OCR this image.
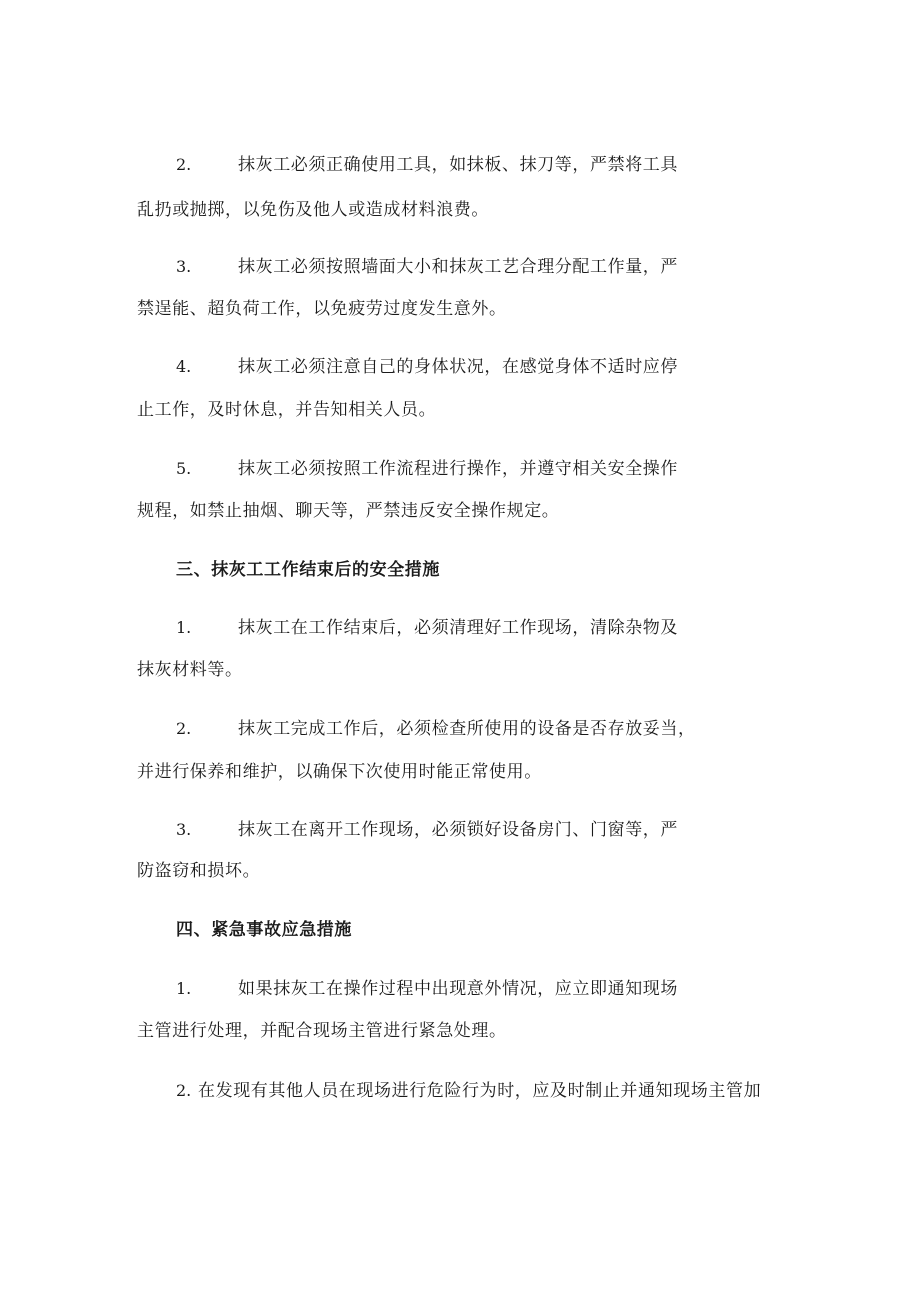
2.	抹灰工必须正确使用工具，如抹板、抹刀等，严禁将工具
乱扔或抛掷，以免伤及他人或造成材料浪费。
3.	抹灰工必须按照墙面大小和抹灰工艺合理分配工作量，严
禁逞能、超负荷工作，以免疲劳过度发生意外。
4.	抹灰工必须注意自己的身体状况，在感觉身体不适时应停
止工作，及时休息，并告知相关人员。
5.	抹灰工必须按照工作流程进行操作，并遵守相关安全操作
规程，如禁止抽烟、聊天等，严禁违反安全操作规定。
三、抹灰工工作结束后的安全措施
1.	抹灰工在工作结束后，必须清理好工作现场，清除杂物及
抹灰材料等。
2.	抹灰工完成工作后，必须检查所使用的设备是否存放妥当，
并进行保养和维护，以确保下次使用时能正常使用。
3.	抹灰工在离开工作现场，必须锁好设备房门、门窗等，严
防盗窃和损坏。
四、紧急事故应急措施
1.	如果抹灰工在操作过程中出现意外情况，应立即通知现场
主管进行处理，并配合现场主管进行紧急处理。
2. 在发现有其他人员在现场进行危险行为时，应及时制止并通知现场主管加
